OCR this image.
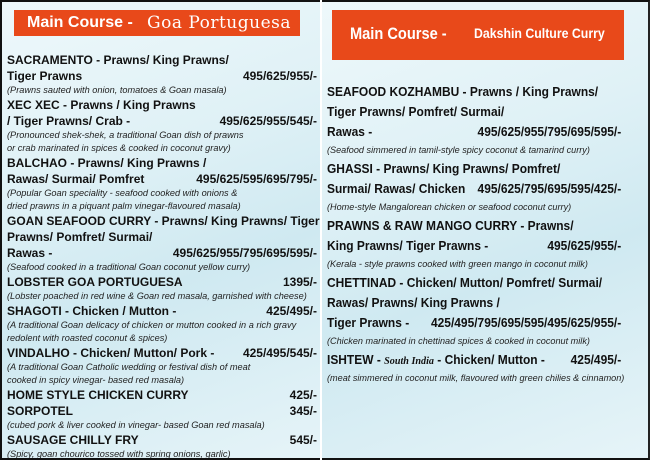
Main Course - Goa Portuguesa
SACRAMENTO - Prawns/ King Prawns/
Tiger Prawns	495/625/955/-
(Prawns sauted with onion, tomatoes & Goan masala)
XEC XEC - Prawns / King Prawns
/ Tiger Prawns/ Crab -	495/625/955/545/-
(Pronounced shek-shek, a traditional Goan dish of prawns
or crab marinated in spices & cooked in coconut gravy)
BALCHAO - Prawns/ King Prawns /
Rawas/ Surmai/ Pomfret	495/625/595/695/795/-
(Popular Goan speciality - seafood cooked with onions &
dried prawns in a piquant palm vinegar-flavoured masala)
GOAN SEAFOOD CURRY - Prawns/ King Prawns/ Tiger
Prawns/ Pomfret/ Surmai/
Rawas -	495/625/955/795/695/595/-
(Seafood cooked in a traditional Goan coconut yellow curry)
LOBSTER GOA PORTUGUESA	1395/-
(Lobster poached in red wine & Goan red masala, garnished with cheese)
SHAGOTI - Chicken / Mutton -	425/495/-
(A traditional Goan delicacy of chicken or mutton cooked in a rich gravy
redolent with roasted coconut & spices)
VINDALHO - Chicken/ Mutton/ Pork - 425/495/545/-
(A traditional Goan Catholic wedding or festival dish of meat
cooked in spicy vinegar- based red masala)
HOME STYLE CHICKEN CURRY	425/-
SORPOTEL	345/-
(cubed pork & liver cooked in vinegar- based Goan red masala)
SAUSAGE CHILLY FRY	545/-
(Spicy, goan chourico tossed with spring onions, garlic)
Main Course - Dakshin Culture Curry
SEAFOOD KOZHAMBU - Prawns / King Prawns/
Tiger Prawns/ Pomfret/ Surmai/
Rawas -	495/625/955/795/695/595/-
(Seafood simmered in tamil-style spicy coconut & tamarind curry)
GHASSI - Prawns/ King Prawns/ Pomfret/
Surmai/ Rawas/ Chicken 495/625/795/695/595/425/-
(Home-style Mangalorean chicken or seafood coconut curry)
PRAWNS & RAW MANGO CURRY - Prawns/
King Prawns/ Tiger Prawns -	495/625/955/-
(Kerala - style prawns cooked with green mango in coconut milk)
CHETTINAD - Chicken/ Mutton/ Pomfret/ Surmai/
Rawas/ Prawns/ King Prawns /
Tiger Prawns - 425/495/795/695/595/495/625/955/-
(Chicken marinated in chettinad spices & cooked in coconut milk)
ISHTEW - South India - Chicken/ Mutton - 425/495/-
(meat simmered in coconut milk, flavoured with green chilies & cinnamon)
